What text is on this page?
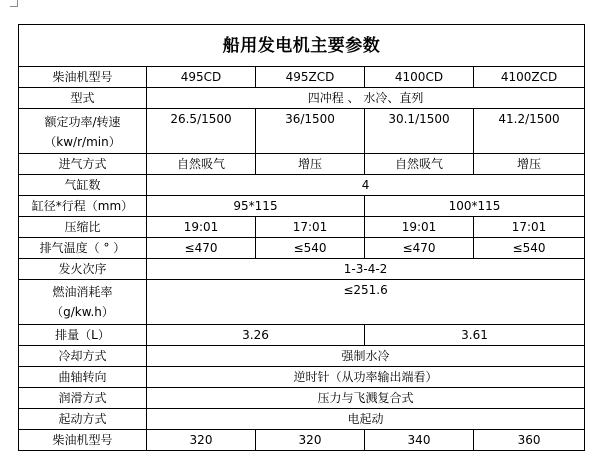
船用发电机主要参数				
柴油机型号	495CD	495ZCD	4100CD	4100ZCD
型式	四冲程 、 水冷、直列			

额定功率/转速
（kw/r/min）	26.5/1500	36/1500	30.1/1500	41.2/1500
进气方式	自然吸气	增压	自然吸气	增压
气缸数	4			
缸径*行程（mm）	95*115		100*115	
压缩比	19:01	17:01	19:01	17:01
排气温度（ ° ）	≤470	≤540	≤470	≤540
发火次序	1-3-4-2			

燃油消耗率
（g/kw.h）	≤251.6			
排量（L）	3.26		3.61	
冷却方式	强制水冷			
曲轴转向	逆时针（从功率输出端看）			
润滑方式	压力与飞溅复合式			
起动方式	电起动			
柴油机型号	320	320	340	360
